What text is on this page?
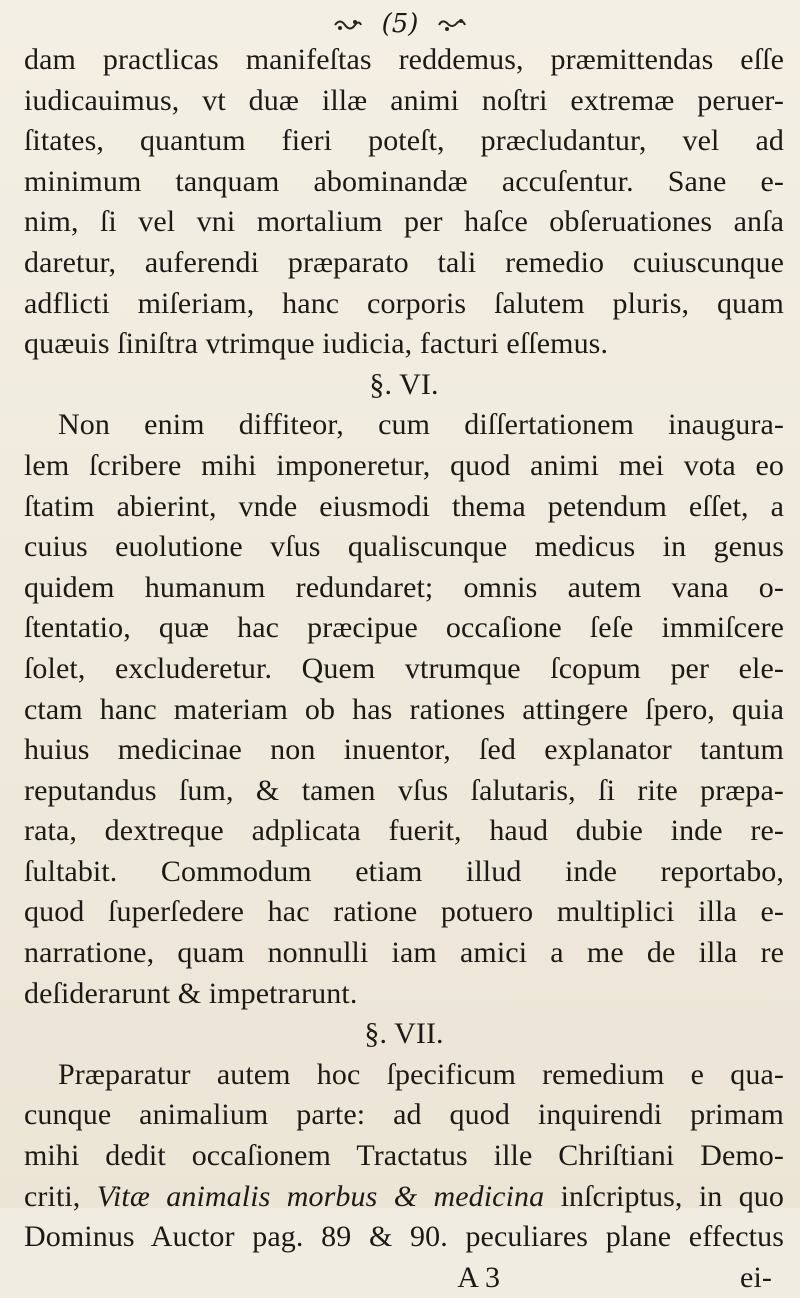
(5)
dam practlicas manifeſtas reddemus, præmittendas eſſe
iudicauimus, vt duæ illæ animi noſtri extremæ peruer-
ſitates, quantum fieri poteſt, præcludantur, vel ad
minimum tanquam abominandæ accuſentur. Sane e-
nim, ſi vel vni mortalium per haſce obſeruationes anſa
daretur, auferendi præparato tali remedio cuiuscunque
adflicti miſeriam, hanc corporis ſalutem pluris, quam
quæuis ſiniſtra vtrimque iudicia, facturi eſſemus.
§. VI.
Non enim diffiteor, cum diſſertationem inaugura-
lem ſcribere mihi imponeretur, quod animi mei vota eo
ſtatim abierint, vnde eiusmodi thema petendum eſſet, a
cuius euolutione vſus qualiscunque medicus in genus
quidem humanum redundaret; omnis autem vana o-
ſtentatio, quæ hac præcipue occaſione ſeſe immiſcere
ſolet, excluderetur. Quem vtrumque ſcopum per ele-
ctam hanc materiam ob has rationes attingere ſpero, quia
huius medicinae non inuentor, ſed explanator tantum
reputandus ſum, & tamen vſus ſalutaris, ſi rite præpa-
rata, dextreque adplicata fuerit, haud dubie inde re-
ſultabit. Commodum etiam illud inde reportabo,
quod ſuperſedere hac ratione potuero multiplici illa e-
narratione, quam nonnulli iam amici a me de illa re
deſiderarunt & impetrarunt.
§. VII.
Præparatur autem hoc ſpecificum remedium e qua-
cunque animalium parte: ad quod inquirendi primam
mihi dedit occaſionem Tractatus ille Chriſtiani Demo-
criti, Vitæ animalis morbus & medicina inſcriptus, in quo
Dominus Auctor pag. 89 & 90. peculiares plane effectus
A 3	ei-
